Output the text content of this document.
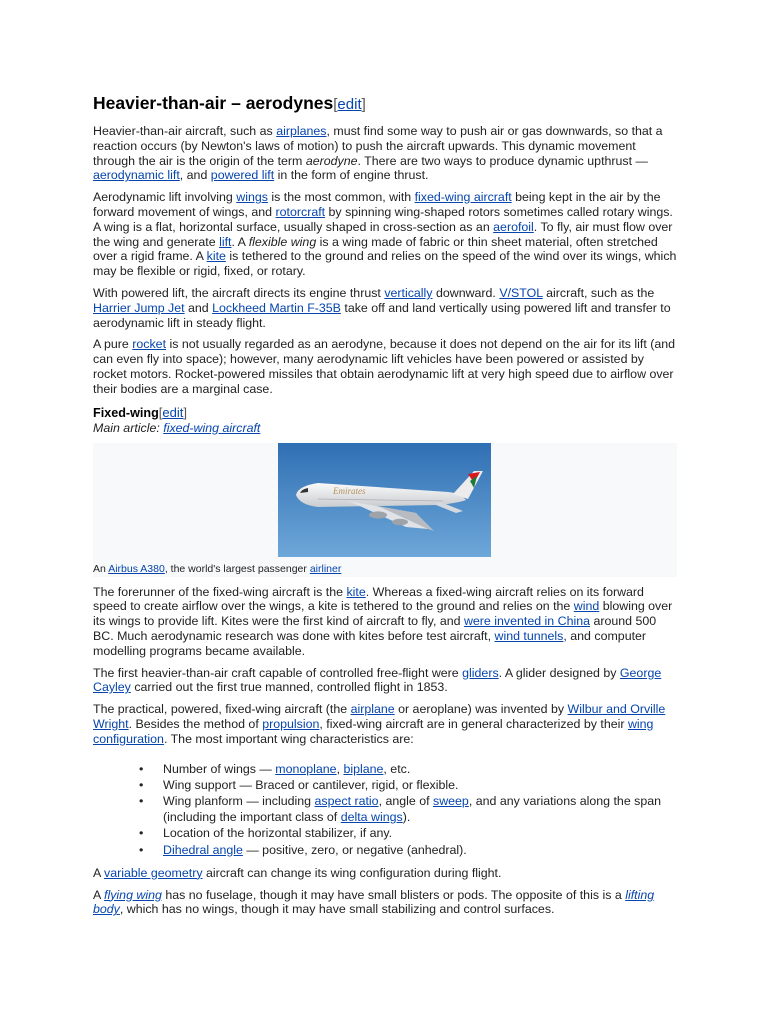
Heavier-than-air – aerodynes[edit]

Heavier-than-air aircraft, such as airplanes, must find some way to push air or gas downwards, so that a reaction occurs (by Newton's laws of motion) to push the aircraft upwards. This dynamic movement through the air is the origin of the term aerodyne. There are two ways to produce dynamic upthrust — aerodynamic lift, and powered lift in the form of engine thrust.

Aerodynamic lift involving wings is the most common, with fixed-wing aircraft being kept in the air by the forward movement of wings, and rotorcraft by spinning wing-shaped rotors sometimes called rotary wings. A wing is a flat, horizontal surface, usually shaped in cross-section as an aerofoil. To fly, air must flow over the wing and generate lift. A flexible wing is a wing made of fabric or thin sheet material, often stretched over a rigid frame. A kite is tethered to the ground and relies on the speed of the wind over its wings, which may be flexible or rigid, fixed, or rotary.

With powered lift, the aircraft directs its engine thrust vertically downward. V/STOL aircraft, such as the Harrier Jump Jet and Lockheed Martin F-35B take off and land vertically using powered lift and transfer to aerodynamic lift in steady flight.

A pure rocket is not usually regarded as an aerodyne, because it does not depend on the air for its lift (and can even fly into space); however, many aerodynamic lift vehicles have been powered or assisted by rocket motors. Rocket-powered missiles that obtain aerodynamic lift at very high speed due to airflow over their bodies are a marginal case.

Fixed-wing[edit]
Main article: fixed-wing aircraft
Emirates
An Airbus A380, the world's largest passenger airliner

The forerunner of the fixed-wing aircraft is the kite. Whereas a fixed-wing aircraft relies on its forward speed to create airflow over the wings, a kite is tethered to the ground and relies on the wind blowing over its wings to provide lift. Kites were the first kind of aircraft to fly, and were invented in China around 500 BC. Much aerodynamic research was done with kites before test aircraft, wind tunnels, and computer modelling programs became available.

The first heavier-than-air craft capable of controlled free-flight were gliders. A glider designed by George Cayley carried out the first true manned, controlled flight in 1853.

The practical, powered, fixed-wing aircraft (the airplane or aeroplane) was invented by Wilbur and Orville Wright. Besides the method of propulsion, fixed-wing aircraft are in general characterized by their wing configuration. The most important wing characteristics are:

• Number of wings — monoplane, biplane, etc.
• Wing support — Braced or cantilever, rigid, or flexible.
• Wing planform — including aspect ratio, angle of sweep, and any variations along the span (including the important class of delta wings).
• Location of the horizontal stabilizer, if any.
• Dihedral angle — positive, zero, or negative (anhedral).

A variable geometry aircraft can change its wing configuration during flight.

A flying wing has no fuselage, though it may have small blisters or pods. The opposite of this is a lifting body, which has no wings, though it may have small stabilizing and control surfaces.
